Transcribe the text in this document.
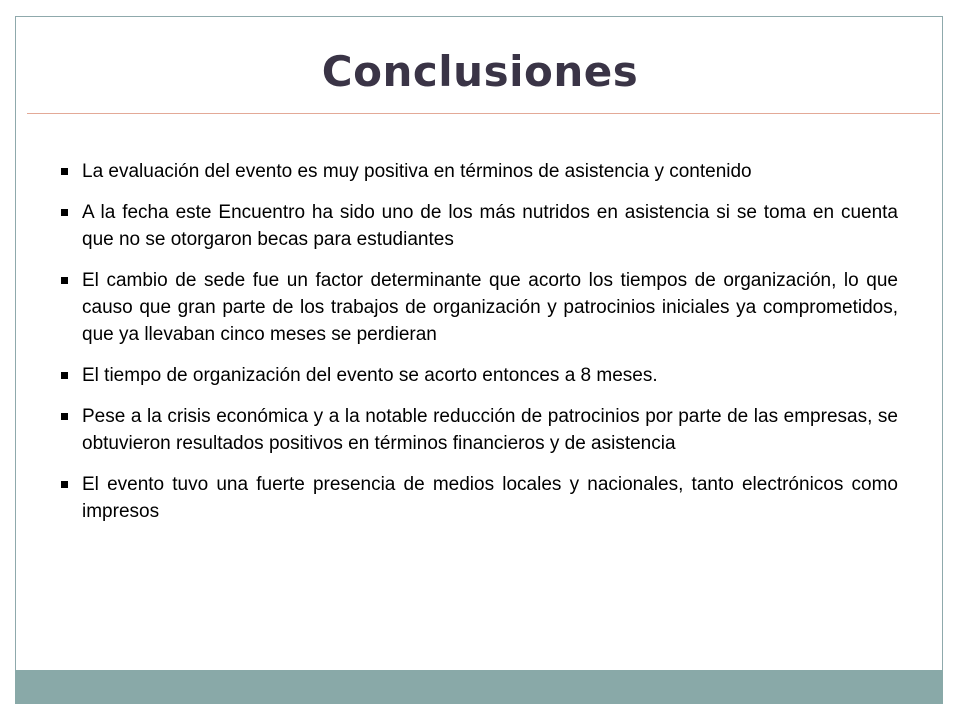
Conclusiones
La evaluación del evento es muy positiva en términos de asistencia y contenido
A la fecha este Encuentro ha sido uno de los más nutridos en asistencia si se toma en cuenta que no se otorgaron becas para estudiantes
El cambio de sede fue un factor determinante que acorto los tiempos de organización, lo que causo que gran parte de los trabajos de organización y patrocinios iniciales ya comprometidos, que ya llevaban cinco meses se perdieran
El tiempo de organización del evento se acorto entonces a 8 meses.
Pese a la crisis económica y a la notable reducción de patrocinios por parte de las empresas, se obtuvieron resultados positivos en términos financieros y de asistencia
El evento tuvo una fuerte presencia de medios locales y nacionales, tanto electrónicos como impresos
